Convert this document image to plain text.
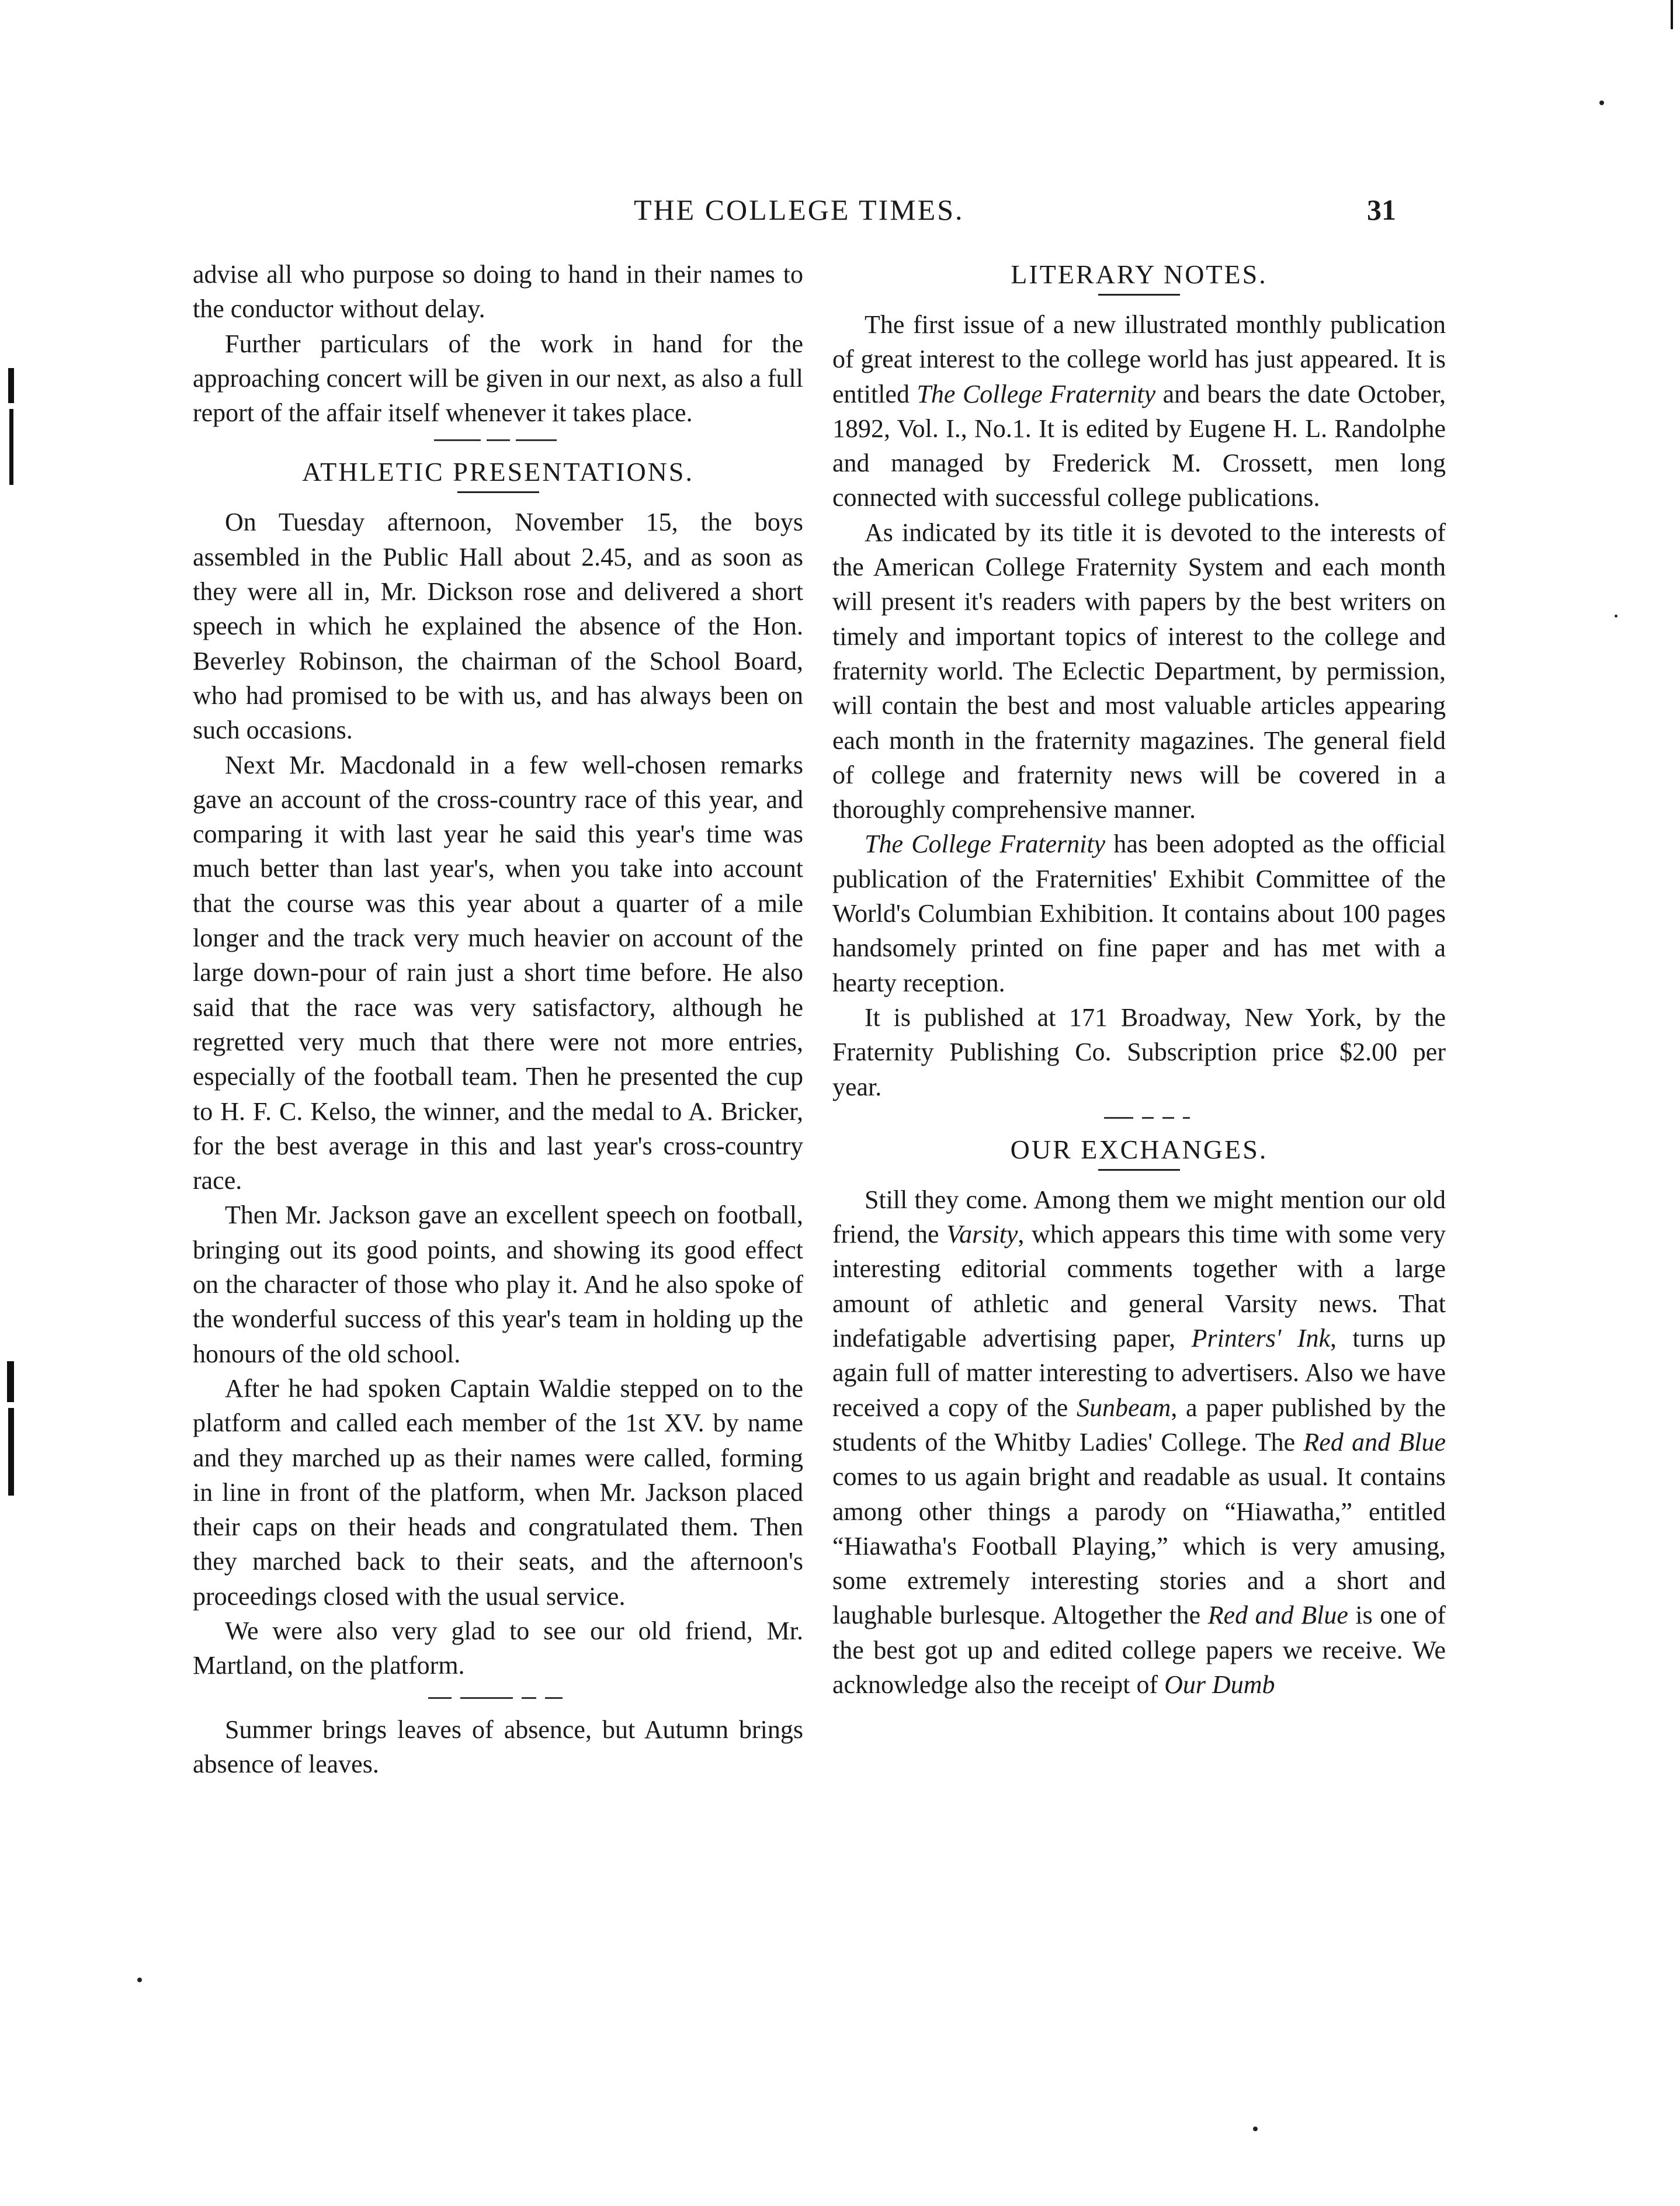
THE COLLEGE TIMES.	31

advise all who purpose so doing to hand in their names to the conductor without delay.

Further particulars of the work in hand for the approaching concert will be given in our next, as also a full report of the affair itself whenever it takes place.

ATHLETIC PRESENTATIONS.

On Tuesday afternoon, November 15, the boys assembled in the Public Hall about 2.45, and as soon as they were all in, Mr. Dickson rose and delivered a short speech in which he explained the absence of the Hon. Beverley Robinson, the chairman of the School Board, who had promised to be with us, and has always been on such occasions.

Next Mr. Macdonald in a few well-chosen remarks gave an account of the cross-country race of this year, and comparing it with last year he said this year's time was much better than last year's, when you take into account that the course was this year about a quarter of a mile longer and the track very much heavier on account of the large down-pour of rain just a short time before. He also said that the race was very satisfactory, although he regretted very much that there were not more entries, especially of the football team. Then he presented the cup to H. F. C. Kelso, the winner, and the medal to A. Bricker, for the best average in this and last year's cross-country race.

Then Mr. Jackson gave an excellent speech on football, bringing out its good points, and showing its good effect on the character of those who play it. And he also spoke of the wonderful success of this year's team in holding up the honours of the old school.

After he had spoken Captain Waldie stepped on to the platform and called each member of the 1st XV. by name and they marched up as their names were called, forming in line in front of the platform, when Mr. Jackson placed their caps on their heads and congratulated them. Then they marched back to their seats, and the afternoon's proceedings closed with the usual service.

We were also very glad to see our old friend, Mr. Martland, on the platform.

Summer brings leaves of absence, but Autumn brings absence of leaves.

LITERARY NOTES.

The first issue of a new illustrated monthly publication of great interest to the college world has just appeared. It is entitled The College Fraternity and bears the date October, 1892, Vol. I., No.1. It is edited by Eugene H. L. Randolphe and managed by Frederick M. Crossett, men long connected with successful college publications.

As indicated by its title it is devoted to the interests of the American College Fraternity System and each month will present it's readers with papers by the best writers on timely and important topics of interest to the college and fraternity world. The Eclectic Department, by permission, will contain the best and most valuable articles appearing each month in the fraternity magazines. The general field of college and fraternity news will be covered in a thoroughly comprehensive manner.

The College Fraternity has been adopted as the official publication of the Fraternities' Exhibit Committee of the World's Columbian Exhibition. It contains about 100 pages handsomely printed on fine paper and has met with a hearty reception.

It is published at 171 Broadway, New York, by the Fraternity Publishing Co. Subscription price $2.00 per year.

OUR EXCHANGES.

Still they come. Among them we might mention our old friend, the Varsity, which appears this time with some very interesting editorial comments together with a large amount of athletic and general Varsity news. That indefatigable advertising paper, Printers' Ink, turns up again full of matter interesting to advertisers. Also we have received a copy of the Sunbeam, a paper published by the students of the Whitby Ladies' College. The Red and Blue comes to us again bright and readable as usual. It contains among other things a parody on “Hiawatha,” entitled “Hiawatha's Football Playing,” which is very amusing, some extremely interesting stories and a short and laughable burlesque. Altogether the Red and Blue is one of the best got up and edited college papers we receive. We acknowledge also the receipt of Our Dumb
